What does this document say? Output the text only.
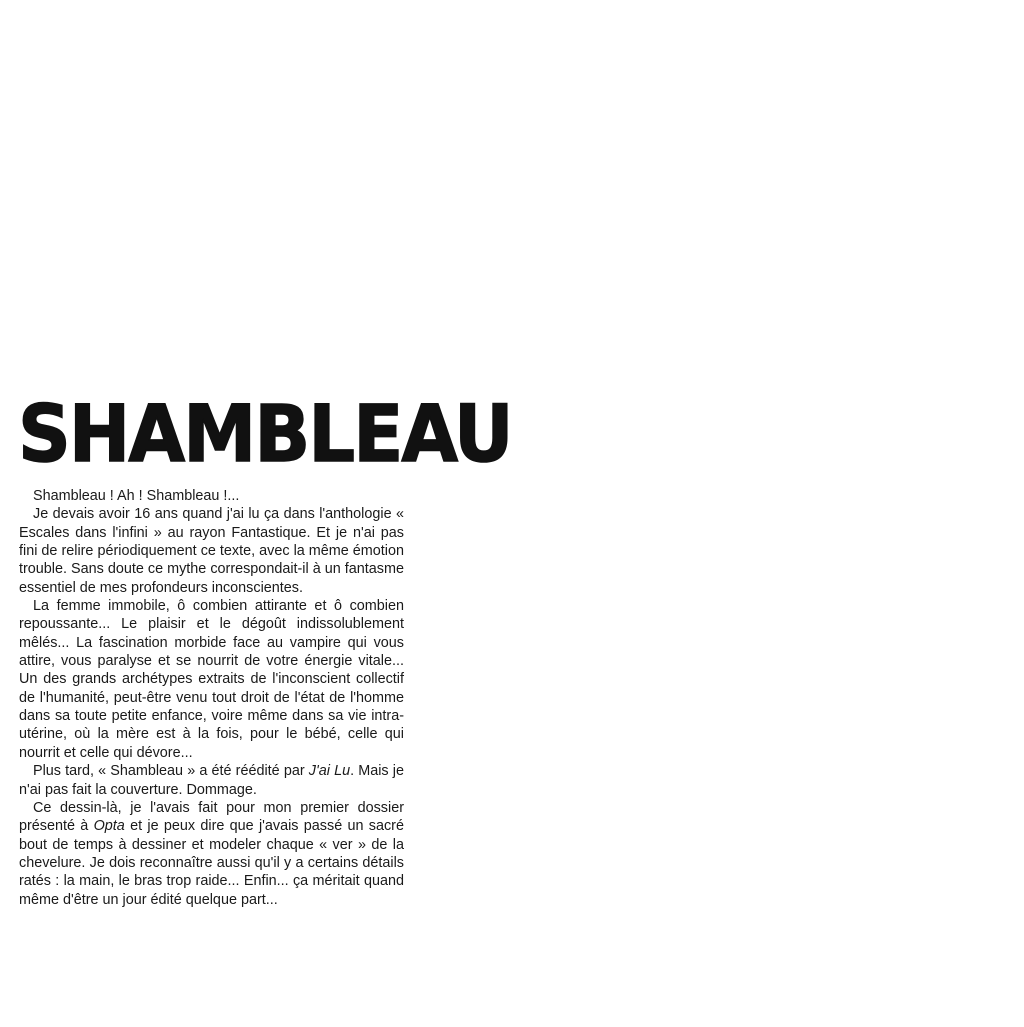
SHAMBLEAU

Shambleau ! Ah ! Shambleau !...

Je devais avoir 16 ans quand j'ai lu ça dans l'anthologie « Escales dans l'infini » au rayon Fantastique. Et je n'ai pas fini de relire périodiquement ce texte, avec la même émotion trouble. Sans doute ce mythe correspondait-il à un fantasme essentiel de mes profondeurs inconscientes.

La femme immobile, ô combien attirante et ô combien repoussante... Le plaisir et le dégoût indissolublement mêlés... La fascination morbide face au vampire qui vous attire, vous paralyse et se nourrit de votre énergie vitale... Un des grands archétypes extraits de l'inconscient collectif de l'humanité, peut-être venu tout droit de l'état de l'homme dans sa toute petite enfance, voire même dans sa vie intra-utérine, où la mère est à la fois, pour le bébé, celle qui nourrit et celle qui dévore...

Plus tard, « Shambleau » a été réédité par J'ai Lu. Mais je n'ai pas fait la couverture. Dommage.

Ce dessin-là, je l'avais fait pour mon premier dossier présenté à Opta et je peux dire que j'avais passé un sacré bout de temps à dessiner et modeler chaque « ver » de la chevelure. Je dois reconnaître aussi qu'il y a certains détails ratés : la main, le bras trop raide... Enfin... ça méritait quand même d'être un jour édité quelque part...
